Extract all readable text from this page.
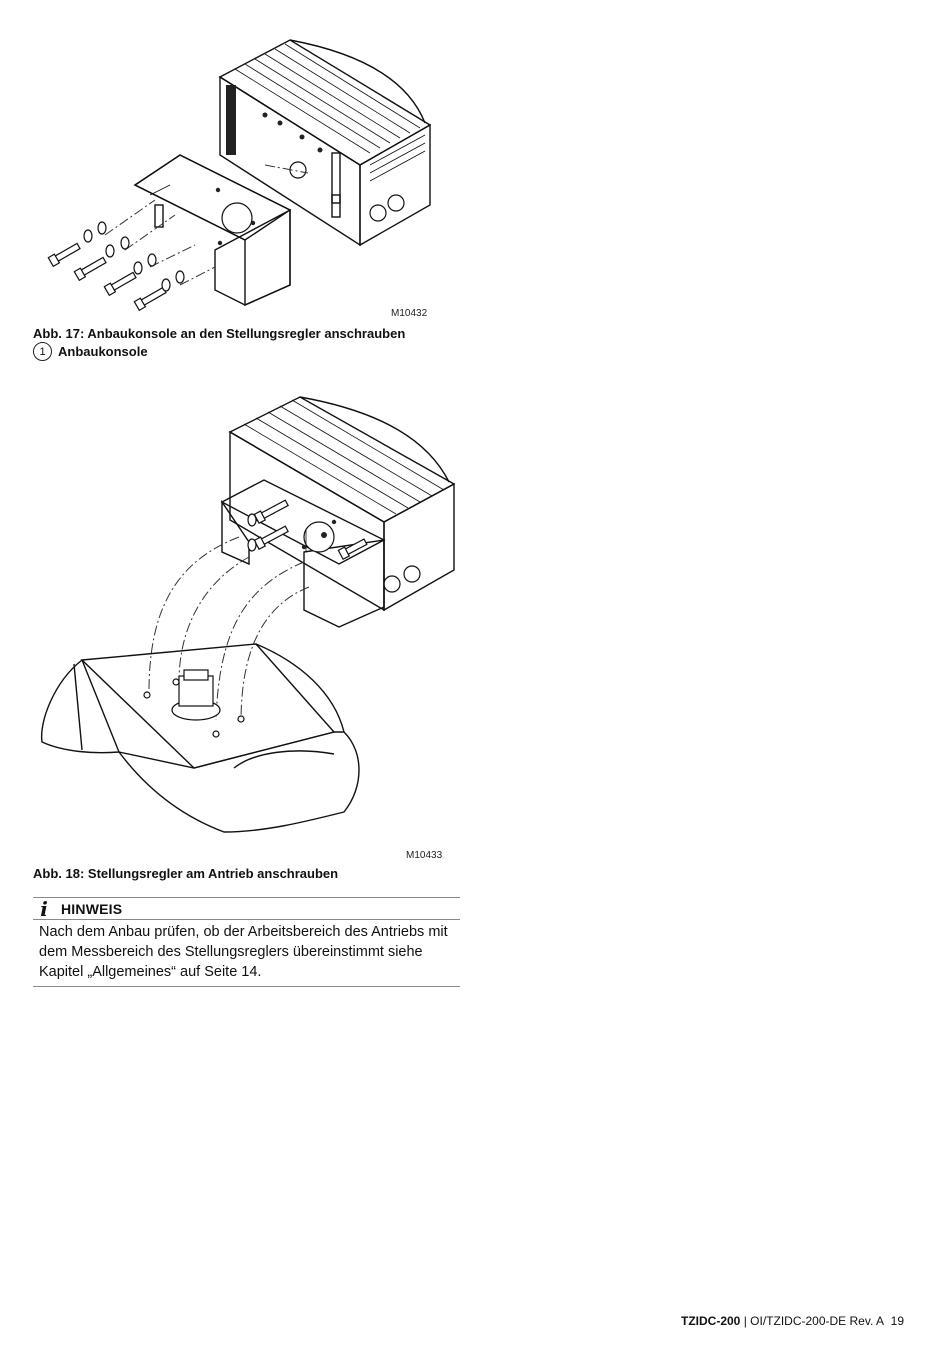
M10432
Abb. 17: Anbaukonsole an den Stellungsregler anschrauben
1 Anbaukonsole
M10433
Abb. 18: Stellungsregler am Antrieb anschrauben
i HINWEIS
Nach dem Anbau prüfen, ob der Arbeitsbereich des Antriebs mit dem Messbereich des Stellungsreglers übereinstimmt siehe Kapitel „Allgemeines“ auf Seite 14.
TZIDC-200 | OI/TZIDC-200-DE Rev. A 19
